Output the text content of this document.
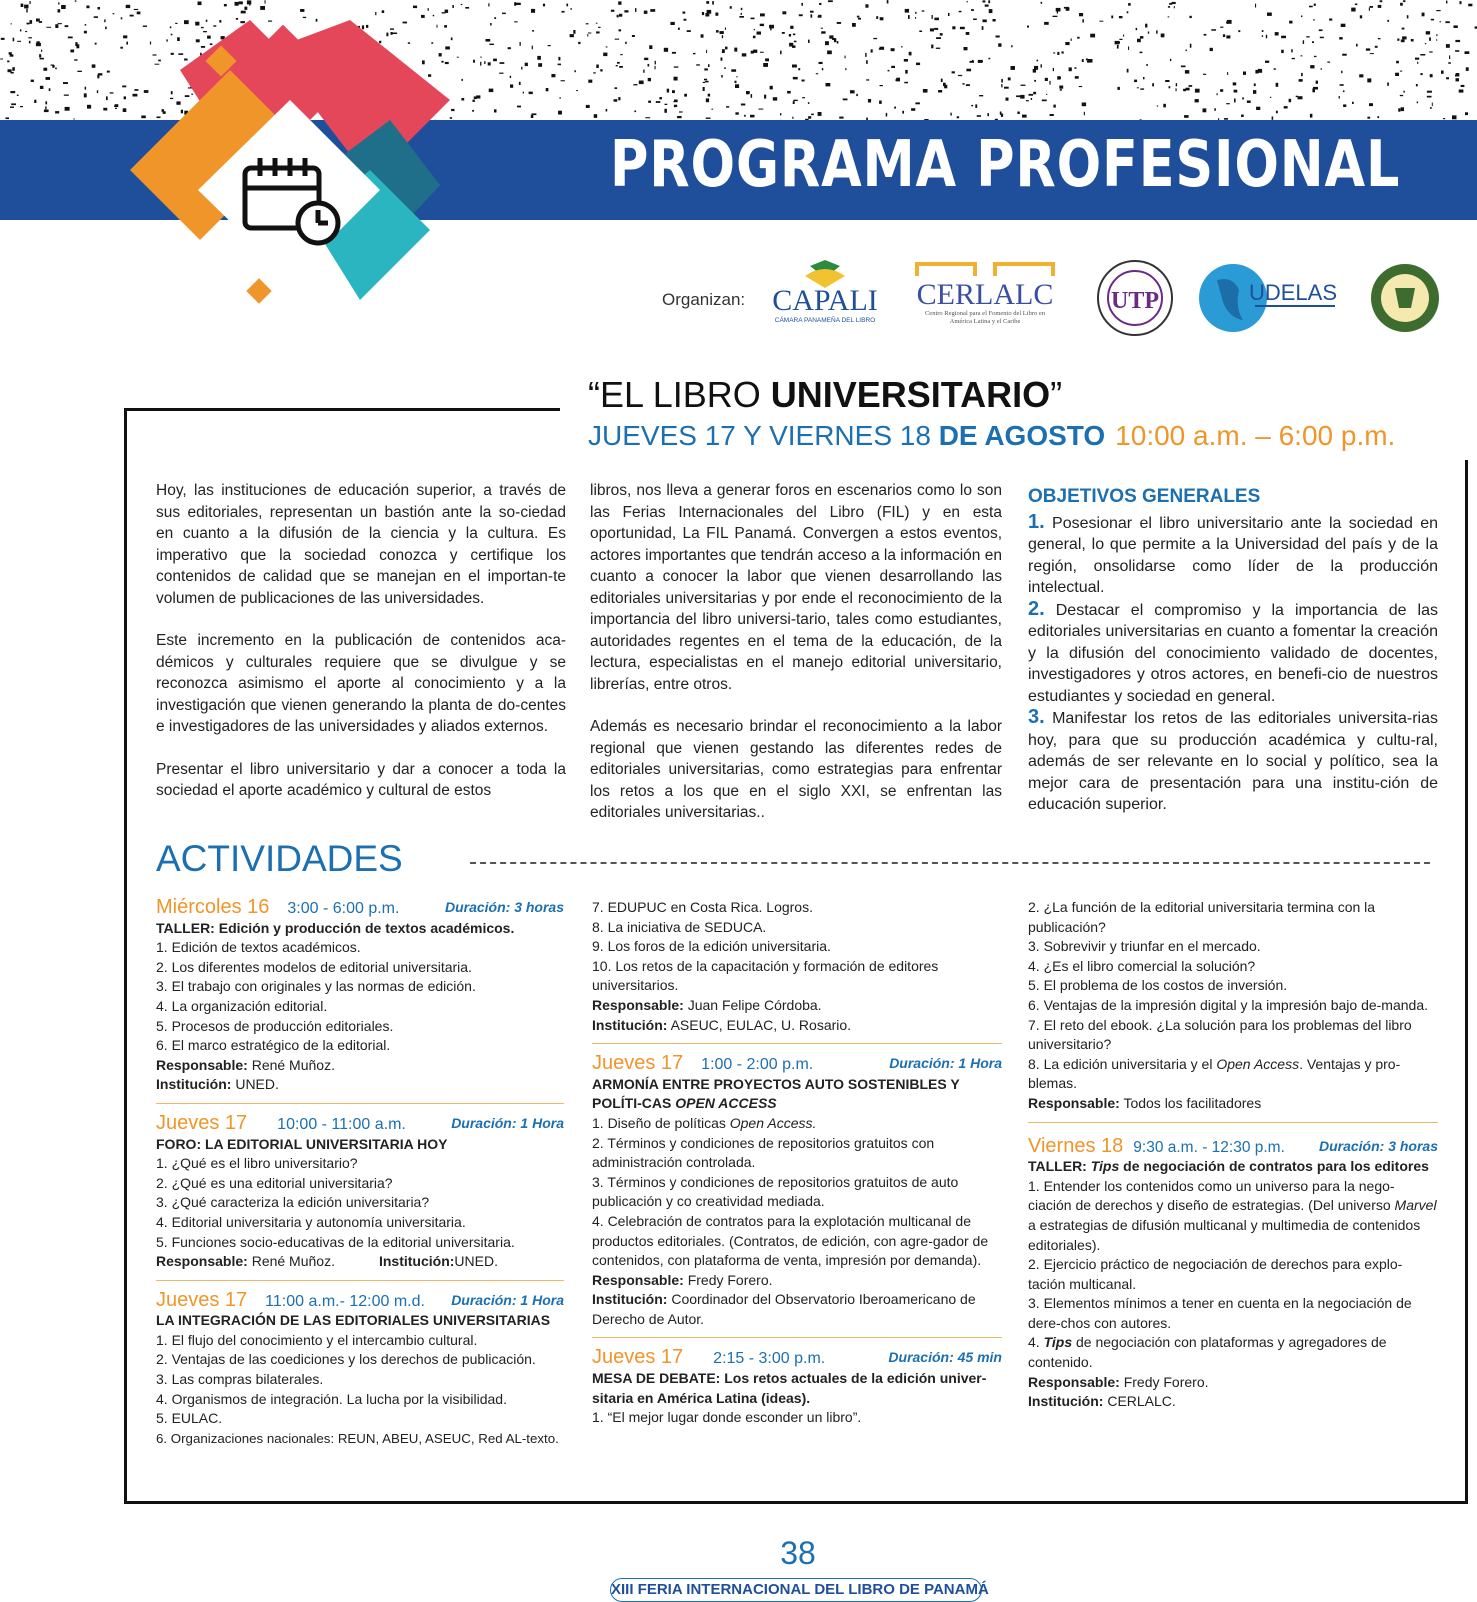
PROGRAMA PROFESIONAL
Organizan: CAPALI
CÁMARA PANAMEÑA DEL LIBRO
CERLALC
Centro Regional para el Fomento del Libro en América Latina y el Caribe
UTP	UDELAS
“EL LIBRO UNIVERSITARIO”
JUEVES 17 Y VIERNES 18 DE AGOSTO 10:00 a.m. – 6:00 p.m.

Hoy, las instituciones de educación superior, a través de sus editoriales, representan un bastión ante la so-ciedad en cuanto a la difusión de la ciencia y la cultura. Es imperativo que la sociedad conozca y certifique los contenidos de calidad que se manejan en el importan-te volumen de publicaciones de las universidades.

Este incremento en la publicación de contenidos aca-démicos y culturales requiere que se divulgue y se reconozca asimismo el aporte al conocimiento y a la investigación que vienen generando la planta de do-centes e investigadores de las universidades y aliados externos.

Presentar el libro universitario y dar a conocer a toda la sociedad el aporte académico y cultural de estos

libros, nos lleva a generar foros en escenarios como lo son las Ferias Internacionales del Libro (FIL) y en esta oportunidad, La FIL Panamá. Convergen a estos eventos, actores importantes que tendrán acceso a la información en cuanto a conocer la labor que vienen desarrollando las editoriales universitarias y por ende el reconocimiento de la importancia del libro universi-tario, tales como estudiantes, autoridades regentes en el tema de la educación, de la lectura, especialistas en el manejo editorial universitario, librerías, entre otros.

Además es necesario brindar el reconocimiento a la labor regional que vienen gestando las diferentes redes de editoriales universitarias, como estrategias para enfrentar los retos a los que en el siglo XXI, se enfrentan las editoriales universitarias..

OBJETIVOS GENERALES
1. Posesionar el libro universitario ante la sociedad en general, lo que permite a la Universidad del país y de la región, onsolidarse como líder de la producción intelectual.
2. Destacar el compromiso y la importancia de las editoriales universitarias en cuanto a fomentar la creación y la difusión del conocimiento validado de docentes, investigadores y otros actores, en benefi-cio de nuestros estudiantes y sociedad en general.
3. Manifestar los retos de las editoriales universita-rias hoy, para que su producción académica y cultu-ral, además de ser relevante en lo social y político, sea la mejor cara de presentación para una institu-ción de educación superior.
ACTIVIDADES
Miércoles 16 3:00 - 6:00 p.m.	Duración: 3 horas
TALLER: Edición y producción de textos académicos.
1. Edición de textos académicos.
2. Los diferentes modelos de editorial universitaria.
3. El trabajo con originales y las normas de edición.
4. La organización editorial.
5. Procesos de producción editoriales.
6. El marco estratégico de la editorial.
Responsable: René Muñoz.
Institución: UNED.
Jueves 17 10:00 - 11:00 a.m.	Duración: 1 Hora
FORO: LA EDITORIAL UNIVERSITARIA HOY
1. ¿Qué es el libro universitario?
2. ¿Qué es una editorial universitaria?
3. ¿Qué caracteriza la edición universitaria?
4. Editorial universitaria y autonomía universitaria.
5. Funciones socio-educativas de la editorial universitaria.
Responsable: René Muñoz.	Institución:UNED.
Jueves 17 11:00 a.m.- 12:00 m.d. Duración: 1 Hora
LA INTEGRACIÓN DE LAS EDITORIALES UNIVERSITARIAS
1. El flujo del conocimiento y el intercambio cultural.
2. Ventajas de las coediciones y los derechos de publicación.
3. Las compras bilaterales.
4. Organismos de integración. La lucha por la visibilidad.
5. EULAC.
6. Organizaciones nacionales: REUN, ABEU, ASEUC, Red AL-texto.
7. EDUPUC en Costa Rica. Logros.
8. La iniciativa de SEDUCA.
9. Los foros de la edición universitaria.
10. Los retos de la capacitación y formación de editores universitarios.
Responsable: Juan Felipe Córdoba.
Institución: ASEUC, EULAC, U. Rosario.
Jueves 17 1:00 - 2:00 p.m.	Duración: 1 Hora
ARMONÍA ENTRE PROYECTOS AUTO SOSTENIBLES Y POLÍTI-CAS OPEN ACCESS
1. Diseño de políticas Open Access.
2. Términos y condiciones de repositorios gratuitos con administración controlada.
3. Términos y condiciones de repositorios gratuitos de auto publicación y co creatividad mediada.
4. Celebración de contratos para la explotación multicanal de productos editoriales. (Contratos, de edición, con agre-gador de contenidos, con plataforma de venta, impresión por demanda).
Responsable: Fredy Forero.
Institución: Coordinador del Observatorio Iberoamericano de Derecho de Autor.
Jueves 17 2:15 - 3:00 p.m.	Duración: 45 min
MESA DE DEBATE: Los retos actuales de la edición univer-sitaria en América Latina (ideas).
1. “El mejor lugar donde esconder un libro”.
2. ¿La función de la editorial universitaria termina con la publicación?
3. Sobrevivir y triunfar en el mercado.
4. ¿Es el libro comercial la solución?
5. El problema de los costos de inversión.
6. Ventajas de la impresión digital y la impresión bajo de-manda.
7. El reto del ebook. ¿La solución para los problemas del libro universitario?
8. La edición universitaria y el Open Access. Ventajas y pro-blemas.
Responsable: Todos los facilitadores
Viernes 18 9:30 a.m. - 12:30 p.m. Duración: 3 horas
TALLER: Tips de negociación de contratos para los editores
1. Entender los contenidos como un universo para la nego-ciación de derechos y diseño de estrategias. (Del universo Marvel a estrategias de difusión multicanal y multimedia de contenidos editoriales).
2. Ejercicio práctico de negociación de derechos para explo-tación multicanal.
3. Elementos mínimos a tener en cuenta en la negociación de dere-chos con autores.
4. Tips de negociación con plataformas y agregadores de contenido.
Responsable: Fredy Forero.
Institución: CERLALC.
38
XIII FERIA INTERNACIONAL DEL LIBRO DE PANAMÁ
